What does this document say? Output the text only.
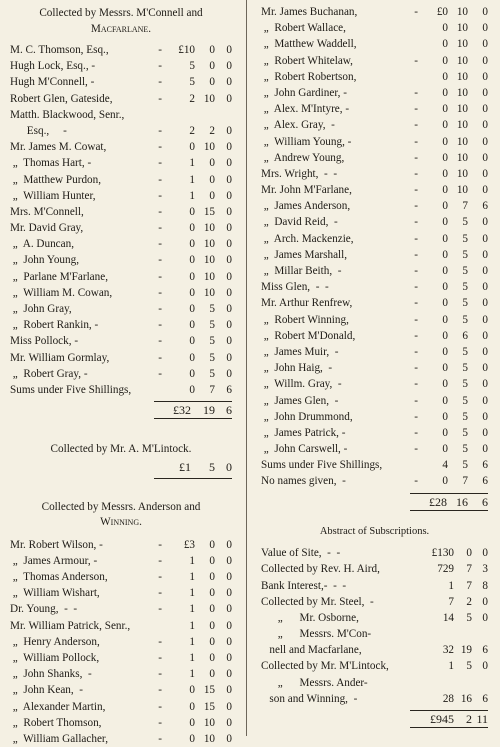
Collected by Messrs. M'Connell and
Macfarlane.

M. C. Thomson, Esq.,	- £10 0 0
Hugh Lock, Esq., -	- 5 0 0
Hugh M'Connell, -	- 5 0 0
Robert Glen, Gateside,	- 2 10 0
Matth. Blackwood, Senr.,
Esq.,     -	- 2 2 0
Mr. James M. Cowat,	- 0 10 0
„  Thomas Hart, -	- 1 0 0
„  Matthew Purdon,	- 1 0 0
„  William Hunter,	- 1 0 0
Mrs. M'Connell,	- 0 15 0
Mr. David Gray,	- 0 10 0
„  A. Duncan,	- 0 10 0
„  John Young,	- 0 10 0
„  Parlane M'Farlane,	- 0 10 0
„  William M. Cowan,	- 0 10 0
„  John Gray,	- 0 5 0
„  Robert Rankin, -	- 0 5 0
Miss Pollock, -	- 0 5 0
Mr. William Gormlay,	- 0 5 0
„  Robert Gray, -	- 0 5 0
Sums under Five Shillings,	0 7 6
£32 19 6

Collected by Mr. A. M'Lintock.

£1 5 0

Collected by Messrs. Anderson and
Winning.

Mr. Robert Wilson, -	- £3 0 0
„  James Armour, -	- 1 0 0
„  Thomas Anderson,	- 1 0 0
„  William Wishart,	- 1 0 0
Dr. Young,  -  -	- 1 0 0
Mr. William Patrick, Senr.,	1 0 0
„  Henry Anderson,	- 1 0 0
„  William Pollock,	- 1 0 0
„  John Shanks,  -	- 1 0 0
„  John Kean,  -	- 0 15 0
„  Alexander Martin,	- 0 15 0
„  Robert Thomson,	- 0 10 0
„  William Gallacher,	- 0 10 0
Mr. James Buchanan,	- £0 10 0
„  Robert Wallace,	0 10 0
„  Matthew Waddell,	0 10 0
„  Robert Whitelaw,	- 0 10 0
„  Robert Robertson,	0 10 0
„  John Gardiner, -	- 0 10 0
„  Alex. M'Intyre, -	- 0 10 0
„  Alex. Gray,  -	- 0 10 0
„  William Young, -	- 0 10 0
„  Andrew Young,	- 0 10 0
Mrs. Wright,  -  -	- 0 10 0
Mr. John M'Farlane,	- 0 10 0
„  James Anderson,	- 0 7 6
„  David Reid,  -	- 0 5 0
„  Arch. Mackenzie,	- 0 5 0
„  James Marshall,	- 0 5 0
„  Millar Beith,  -	- 0 5 0
Miss Glen,  -  -	- 0 5 0
Mr. Arthur Renfrew,	- 0 5 0
„  Robert Winning,	- 0 5 0
„  Robert M'Donald,	- 0 6 0
„  James Muir,  -	- 0 5 0
„  John Haig,  -	- 0 5 0
„  Willm. Gray,  -	- 0 5 0
„  James Glen,  -	- 0 5 0
„  John Drummond,	- 0 5 0
„  James Patrick, -	- 0 5 0
„  John Carswell, -	- 0 5 0
Sums under Five Shillings,	4 5 6
No names given,  -	- 0 7 6
£28 16 6

Abstract of Subscriptions.

Value of Site,  -  -	£130 0 0
Collected by Rev. H. Aird,	729 7 3
Bank Interest,-  -  -	1 7 8
Collected by Mr. Steel,  -	7 2 0
„      Mr. Osborne,	14 5 0
„      Messrs. M'Con-
nell and Macfarlane,	32 19 6
Collected by Mr. M'Lintock,	1 5 0
„      Messrs. Ander-
son and Winning,  -	28 16 6
£945 2 11
